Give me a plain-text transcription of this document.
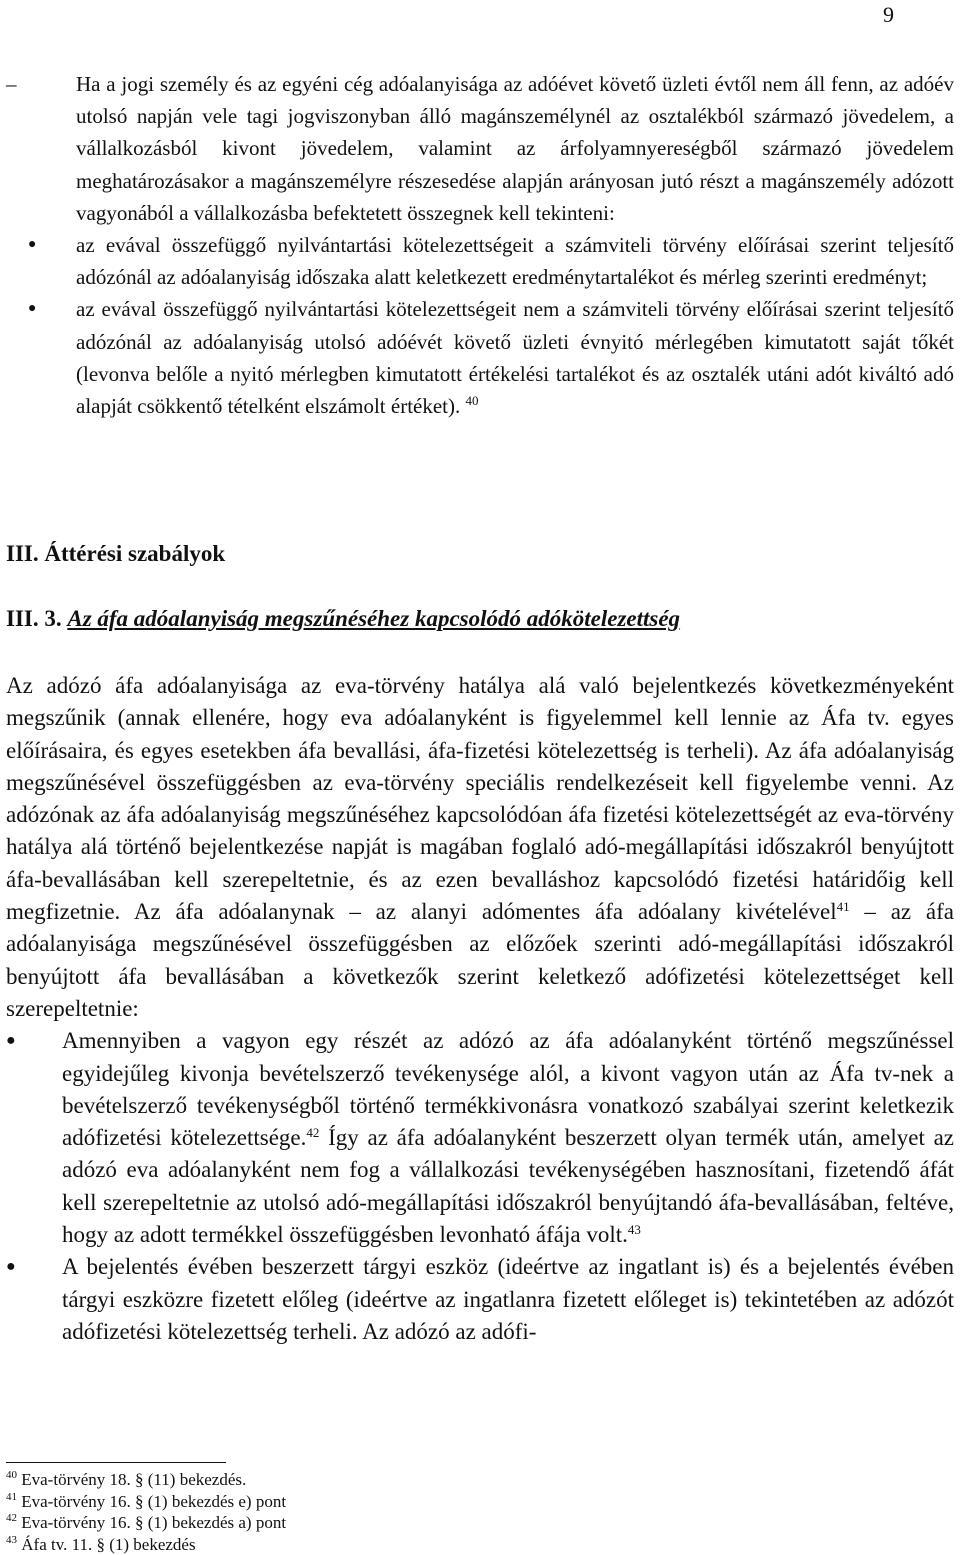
9
–	Ha a jogi személy és az egyéni cég adóalanyisága az adóévet követő üzleti évtől nem áll fenn, az adóév utolsó napján vele tagi jogviszonyban álló magánszemélynél az osztalékból származó jövedelem, a vállalkozásból kivont jövedelem, valamint az árfolyamnyereségből származó jövedelem meghatározásakor a magánszemélyre részesedése alapján arányosan jutó részt a magánszemély adózott vagyonából a vállalkozásba befektetett összegnek kell tekinteni:
● az evával összefüggő nyilvántartási kötelezettségeit a számviteli törvény előírásai szerint teljesítő adózónál az adóalanyiság időszaka alatt keletkezett eredménytartalékot és mérleg szerinti eredményt;
● az evával összefüggő nyilvántartási kötelezettségeit nem a számviteli törvény előírásai szerint teljesítő adózónál az adóalanyiság utolsó adóévét követő üzleti évnyitó mérlegében kimutatott saját tőkét (levonva belőle a nyitó mérlegben kimutatott értékelési tartalékot és az osztalék utáni adót kiváltó adó alapját csökkentő tételként elszámolt értéket). $^{40}$
III. Áttérési szabályok
III. 3. Az áfa adóalanyiság megszűnéséhez kapcsolódó adókötelezettség

Az adózó áfa adóalanyisága az eva-törvény hatálya alá való bejelentkezés következményeként megszűnik (annak ellenére, hogy eva adóalanyként is figyelemmel kell lennie az Áfa tv. egyes előírásaira, és egyes esetekben áfa bevallási, áfa-fizetési kötelezettség is terheli). Az áfa adóalanyiság megszűnésével összefüggésben az eva-törvény speciális rendelkezéseit kell figyelembe venni. Az adózónak az áfa adóalanyiság megszűnéséhez kapcsolódóan áfa fizetési kötelezettségét az eva-törvény hatálya alá történő bejelentkezése napját is magában foglaló adó-megállapítási időszakról benyújtott áfa-bevallásában kell szerepeltetnie, és az ezen bevalláshoz kapcsolódó fizetési határidőig kell megfizetnie. Az áfa adóalanynak – az alanyi adómentes áfa adóalany kivételével$^{41}$ – az áfa adóalanyisága megszűnésével összefüggésben az előzőek szerinti adó-megállapítási időszakról benyújtott áfa bevallásában a következők szerint keletkező adófizetési kötelezettséget kell szerepeltetnie:

● Amennyiben a vagyon egy részét az adózó az áfa adóalanyként történő megszűnéssel egyidejűleg kivonja bevételszerző tevékenysége alól, a kivont vagyon után az Áfa tv-nek a bevételszerző tevékenységből történő termékkivonásra vonatkozó szabályai szerint keletkezik adófizetési kötelezettsége.$^{42}$ Így az áfa adóalanyként beszerzett olyan termék után, amelyet az adózó eva adóalanyként nem fog a vállalkozási tevékenységében hasznosítani, fizetendő áfát kell szerepeltetnie az utolsó adó-megállapítási időszakról benyújtandó áfa-bevallásában, feltéve, hogy az adott termékkel összefüggésben levonható áfája volt.$^{43}$
● A bejelentés évében beszerzett tárgyi eszköz (ideértve az ingatlant is) és a bejelentés évében tárgyi eszközre fizetett előleg (ideértve az ingatlanra fizetett előleget is) tekintetében az adózót adófizetési kötelezettség terheli. Az adózó az adófi-
$^{40}$ Eva-törvény 18. § (11) bekezdés.
$^{41}$ Eva-törvény 16. § (1) bekezdés e) pont
$^{42}$ Eva-törvény 16. § (1) bekezdés a) pont
$^{43}$ Áfa tv. 11. § (1) bekezdés
